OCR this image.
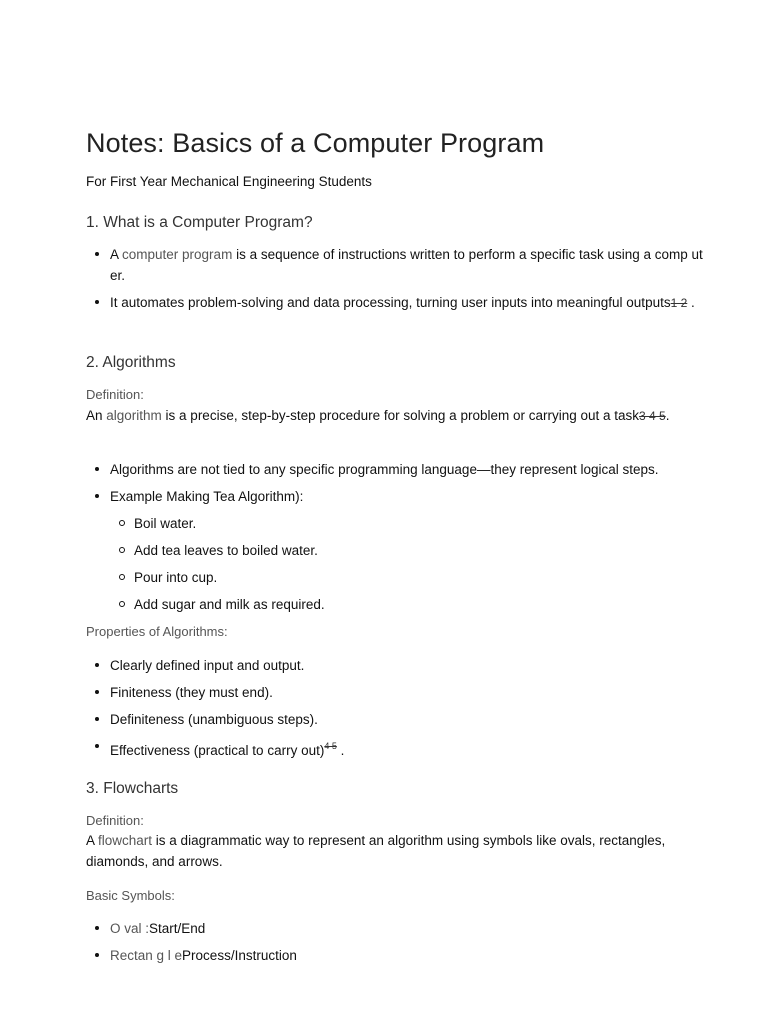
Notes: Basics of a Computer Program
For First Year Mechanical Engineering Students
1. What is a Computer Program?
A computer program is a sequence of instructions written to perform a specific task using a comp ut er.
It automates problem-solving and data processing, turning user inputs into meaningful outputs1 2 .
2. Algorithms
Definition:
An algorithm is a precise, step-by-step procedure for solving a problem or carrying out a task3 4 5.
Algorithms are not tied to any specific programming language—they represent logical steps.
Example Making Tea Algorithm):
Boil water.
Add tea leaves to boiled water.
Pour into cup.
Add sugar and milk as required.
Properties of Algorithms:
Clearly defined input and output.
Finiteness (they must end).
Definiteness (unambiguous steps).
Effectiveness (practical to carry out)$^{4 5}$ .
3. Flowcharts
Definition:
A flowchart is a diagrammatic way to represent an algorithm using symbols like ovals, rectangles, diamonds, and arrows.
Basic Symbols:
O val :Start/End
Rectan g l eProcess/Instruction
